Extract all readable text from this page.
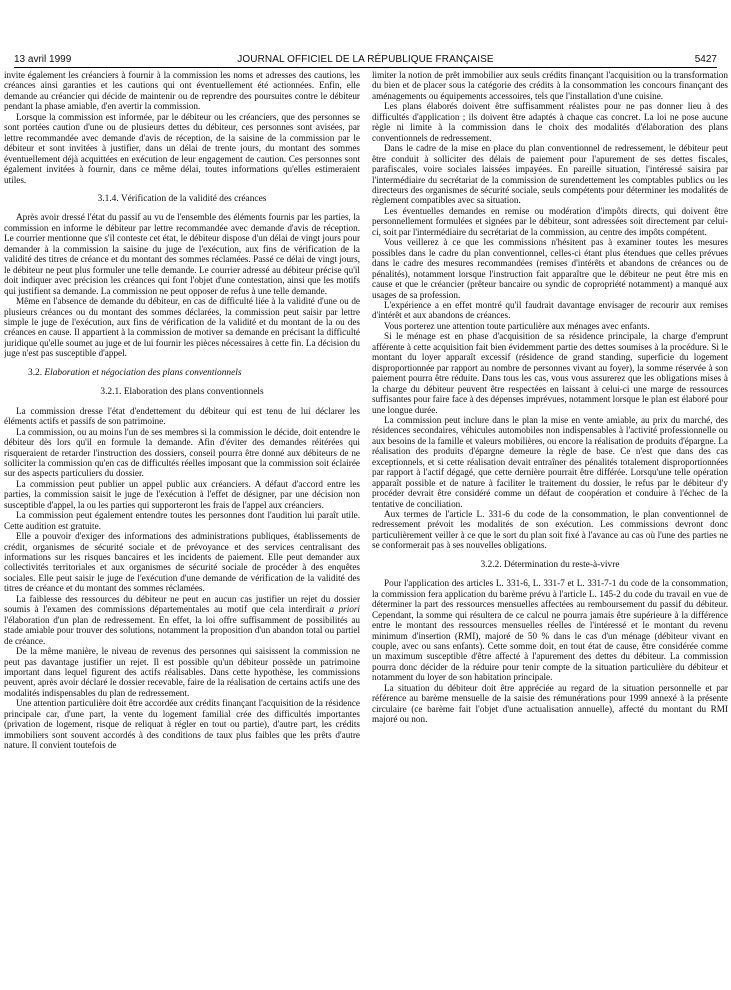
13 avril 1999	JOURNAL OFFICIEL DE LA RÉPUBLIQUE FRANÇAISE	5427

invite également les créanciers à fournir à la commission les noms et adresses des cautions, les créances ainsi garanties et les cautions qui ont éventuellement été actionnées. Enfin, elle demande au créancier qui décide de maintenir ou de reprendre des poursuites contre le débiteur pendant la phase amiable, d'en avertir la commission.

Lorsque la commission est informée, par le débiteur ou les créanciers, que des personnes se sont portées caution d'une ou de plusieurs dettes du débiteur, ces personnes sont avisées, par lettre recommandée avec demande d'avis de réception, de la saisine de la commission par le débiteur et sont invitées à justifier, dans un délai de trente jours, du montant des sommes éventuellement déjà acquittées en exécution de leur engagement de caution. Ces personnes sont également invitées à fournir, dans ce même délai, toutes informations qu'elles estimeraient utiles.

3.1.4. Vérification de la validité des créances

Après avoir dressé l'état du passif au vu de l'ensemble des éléments fournis par les parties, la commission en informe le débiteur par lettre recommandée avec demande d'avis de réception. Le courrier mentionne que s'il conteste cet état, le débiteur dispose d'un délai de vingt jours pour demander à la commission la saisine du juge de l'exécution, aux fins de vérification de la validité des titres de créance et du montant des sommes réclamées. Passé ce délai de vingt jours, le débiteur ne peut plus formuler une telle demande. Le courrier adressé au débiteur précise qu'il doit indiquer avec précision les créances qui font l'objet d'une contestation, ainsi que les motifs qui justifient sa demande. La commission ne peut opposer de refus à une telle demande.

Même en l'absence de demande du débiteur, en cas de difficulté liée à la validité d'une ou de plusieurs créances ou du montant des sommes déclarées, la commission peut saisir par lettre simple le juge de l'exécution, aux fins de vérification de la validité et du montant de la ou des créances en cause. Il appartient à la commission de motiver sa demande en précisant la difficulté juridique qu'elle soumet au juge et de lui fournir les pièces nécessaires à cette fin. La décision du juge n'est pas susceptible d'appel.

3.2. Elaboration et négociation des plans conventionnels
3.2.1. Elaboration des plans conventionnels

La commission dresse l'état d'endettement du débiteur qui est tenu de lui déclarer les éléments actifs et passifs de son patrimoine.

La commission, ou au moins l'un de ses membres si la commission le décide, doit entendre le débiteur dès lors qu'il en formule la demande. Afin d'éviter des demandes réitérées qui risqueraient de retarder l'instruction des dossiers, conseil pourra être donné aux débiteurs de ne solliciter la commission qu'en cas de difficultés réelles imposant que la commission soit éclairée sur des aspects particuliers du dossier.

La commission peut publier un appel public aux créanciers. A défaut d'accord entre les parties, la commission saisit le juge de l'exécution à l'effet de désigner, par une décision non susceptible d'appel, la ou les parties qui supporteront les frais de l'appel aux créanciers.

La commission peut également entendre toutes les personnes dont l'audition lui paraît utile. Cette audition est gratuite.

Elle a pouvoir d'exiger des informations des administrations publiques, établissements de crédit, organismes de sécurité sociale et de prévoyance et des services centralisant des informations sur les risques bancaires et les incidents de paiement. Elle peut demander aux collectivités territoriales et aux organismes de sécurité sociale de procéder à des enquêtes sociales. Elle peut saisir le juge de l'exécution d'une demande de vérification de la validité des titres de créance et du montant des sommes réclamées.

La faiblesse des ressources du débiteur ne peut en aucun cas justifier un rejet du dossier soumis à l'examen des commissions départementales au motif que cela interdirait a priori l'élaboration d'un plan de redressement. En effet, la loi offre suffisamment de possibilités au stade amiable pour trouver des solutions, notamment la proposition d'un abandon total ou partiel de créance.

De la même manière, le niveau de revenus des personnes qui saisissent la commission ne peut pas davantage justifier un rejet. Il est possible qu'un débiteur possède un patrimoine important dans lequel figurent des actifs réalisables. Dans cette hypothèse, les commissions peuvent, après avoir déclaré le dossier recevable, faire de la réalisation de certains actifs une des modalités indispensables du plan de redressement.

Une attention particulière doit être accordée aux crédits finançant l'acquisition de la résidence principale car, d'une part, la vente du logement familial crée des difficultés importantes (privation de logement, risque de reliquat à régler en tout ou partie), d'autre part, les crédits immobiliers sont souvent accordés à des conditions de taux plus faibles que les prêts d'autre nature. Il convient toutefois de

limiter la notion de prêt immobilier aux seuls crédits finançant l'acquisition ou la transformation du bien et de placer sous la catégorie des crédits à la consommation les concours finançant des aménagements ou équipements accessoires, tels que l'installation d'une cuisine.

Les plans élaborés doivent être suffisamment réalistes pour ne pas donner lieu à des difficultés d'application ; ils doivent être adaptés à chaque cas concret. La loi ne pose aucune règle ni limite à la commission dans le choix des modalités d'élaboration des plans conventionnels de redressement.

Dans le cadre de la mise en place du plan conventionnel de redressement, le débiteur peut être conduit à solliciter des délais de paiement pour l'apurement de ses dettes fiscales, parafiscales, voire sociales laissées impayées. En pareille situation, l'intéressé saisira par l'intermédiaire du secrétariat de la commission de surendettement les comptables publics ou les directeurs des organismes de sécurité sociale, seuls compétents pour déterminer les modalités de règlement compatibles avec sa situation.

Les éventuelles demandes en remise ou modération d'impôts directs, qui doivent être personnellement formulées et signées par le débiteur, sont adressées soit directement par celui-ci, soit par l'intermédiaire du secrétariat de la commission, au centre des impôts compétent.

Vous veillerez à ce que les commissions n'hésitent pas à examiner toutes les mesures possibles dans le cadre du plan conventionnel, celles-ci étant plus étendues que celles prévues dans le cadre des mesures recommandées (remises d'intérêts et abandons de créances ou de pénalités), notamment lorsque l'instruction fait apparaître que le débiteur ne peut être mis en cause et que le créancier (prêteur bancaire ou syndic de copropriété notamment) a manqué aux usages de sa profession.

L'expérience a en effet montré qu'il faudrait davantage envisager de recourir aux remises d'intérêt et aux abandons de créances.

Vous porterez une attention toute particulière aux ménages avec enfants.

Si le ménage est en phase d'acquisition de sa résidence principale, la charge d'emprunt afférente à cette acquisition fait bien évidemment partie des dettes soumises à la procédure. Si le montant du loyer apparaît excessif (résidence de grand standing, superficie du logement disproportionnée par rapport au nombre de personnes vivant au foyer), la somme réservée à son paiement pourra être réduite. Dans tous les cas, vous vous assurerez que les obligations mises à la charge du débiteur peuvent être respectées en laissant à celui-ci une marge de ressources suffisantes pour faire face à des dépenses imprévues, notamment lorsque le plan est élaboré pour une longue durée.

La commission peut inclure dans le plan la mise en vente amiable, au prix du marché, des résidences secondaires, véhicules automobiles non indispensables à l'activité professionnelle ou aux besoins de la famille et valeurs mobilières, ou encore la réalisation de produits d'épargne. La réalisation des produits d'épargne demeure la règle de base. Ce n'est que dans des cas exceptionnels, et si cette réalisation devait entraîner des pénalités totalement disproportionnées par rapport à l'actif dégagé, que cette dernière pourrait être différée. Lorsqu'une telle opération apparaît possible et de nature à faciliter le traitement du dossier, le refus par le débiteur d'y procéder devrait être considéré comme un défaut de coopération et conduire à l'échec de la tentative de conciliation.

Aux termes de l'article L. 331-6 du code de la consommation, le plan conventionnel de redressement prévoit les modalités de son exécution. Les commissions devront donc particulièrement veiller à ce que le sort du plan soit fixé à l'avance au cas où l'une des parties ne se conformerait pas à ses nouvelles obligations.

3.2.2. Détermination du reste-à-vivre

Pour l'application des articles L. 331-6, L. 331-7 et L. 331-7-1 du code de la consommation, la commission fera application du barème prévu à l'article L. 145-2 du code du travail en vue de déterminer la part des ressources mensuelles affectées au remboursement du passif du débiteur. Cependant, la somme qui résultera de ce calcul ne pourra jamais être supérieure à la différence entre le montant des ressources mensuelles réelles de l'intéressé et le montant du revenu minimum d'insertion (RMI), majoré de 50 % dans le cas d'un ménage (débiteur vivant en couple, avec ou sans enfants). Cette somme doit, en tout état de cause, être considérée comme un maximum susceptible d'être affecté à l'apurement des dettes du débiteur. La commission pourra donc décider de la réduire pour tenir compte de la situation particulière du débiteur et notamment du loyer de son habitation principale.

La situation du débiteur doit être appréciée au regard de la situation personnelle et par référence au barème mensuelle de la saisie des rémunérations pour 1999 annexé à la présente circulaire (ce barème fait l'objet d'une actualisation annuelle), affecté du montant du RMI majoré ou non.
